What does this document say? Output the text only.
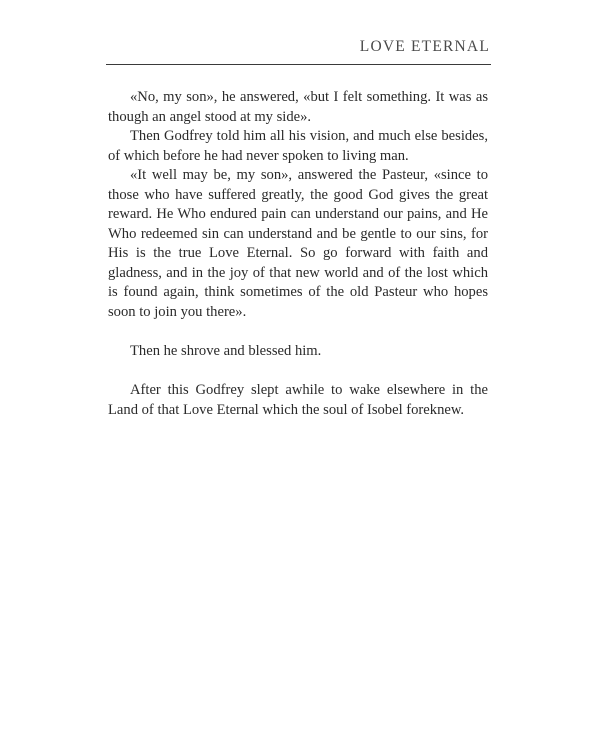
LOVE ETERNAL

«No, my son», he answered, «but I felt something. It was as though an angel stood at my side».

Then Godfrey told him all his vision, and much else besides, of which before he had never spoken to living man.

«It well may be, my son», answered the Pasteur, «since to those who have suffered greatly, the good God gives the great reward. He Who endured pain can understand our pains, and He Who redeemed sin can understand and be gentle to our sins, for His is the true Love Eternal. So go forward with faith and gladness, and in the joy of that new world and of the lost which is found again, think sometimes of the old Pasteur who hopes soon to join you there».

Then he shrove and blessed him.

After this Godfrey slept awhile to wake elsewhere in the Land of that Love Eternal which the soul of Isobel foreknew.
